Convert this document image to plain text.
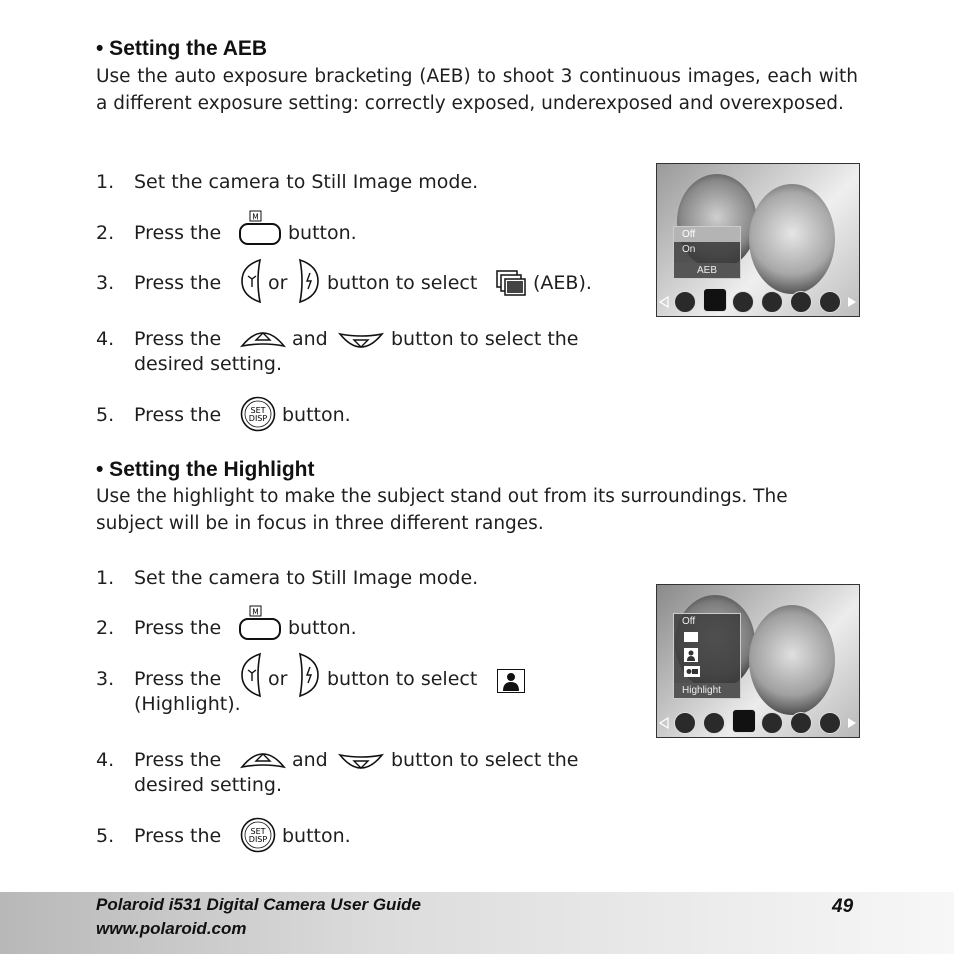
• Setting the AEB
Use the auto exposure bracketing (AEB) to shoot 3 continuous images, each with a different exposure setting: correctly exposed, underexposed and overexposed.
1. Set the camera to Still Image mode.
2. Press the
M
button.
3. Press the or button to select	(AEB).
4. Press the	and	button to select the
desired setting.
5. Press the	SET
DISP button.
Off
On
AEB
• Setting the Highlight
Use the highlight to make the subject stand out from its surroundings. The subject will be in focus in three different ranges.
1. Set the camera to Still Image mode.
2. Press the
M
button.
3. Press the or button to select
(Highlight).
4. Press the	and	button to select the
desired setting.
5. Press the	SET
DISP button.
Off
Highlight
Polaroid i531 Digital Camera User Guide
www.polaroid.com
49
